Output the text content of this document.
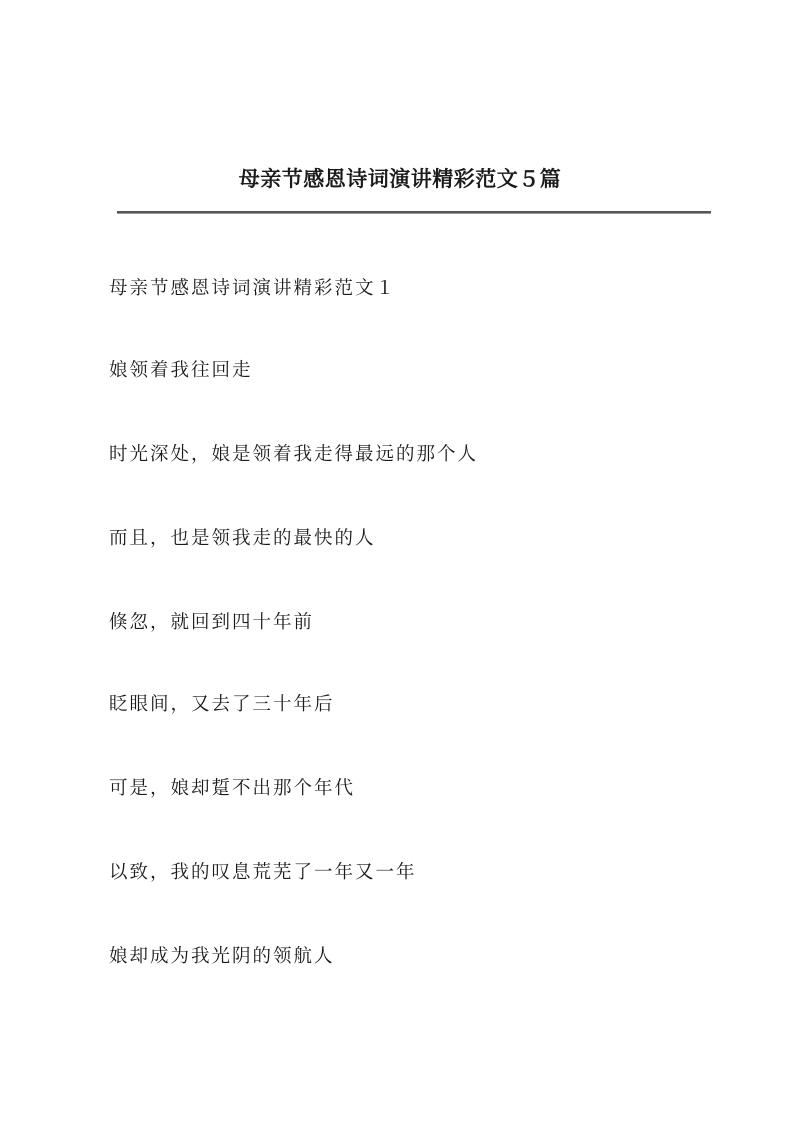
母亲节感恩诗词演讲精彩范文５篇

母亲节感恩诗词演讲精彩范文１

娘领着我往回走

时光深处，娘是领着我走得最远的那个人

而且，也是领我走的最快的人

倏忽，就回到四十年前

眨眼间，又去了三十年后

可是，娘却踅不出那个年代

以致，我的叹息荒芜了一年又一年

娘却成为我光阴的领航人
